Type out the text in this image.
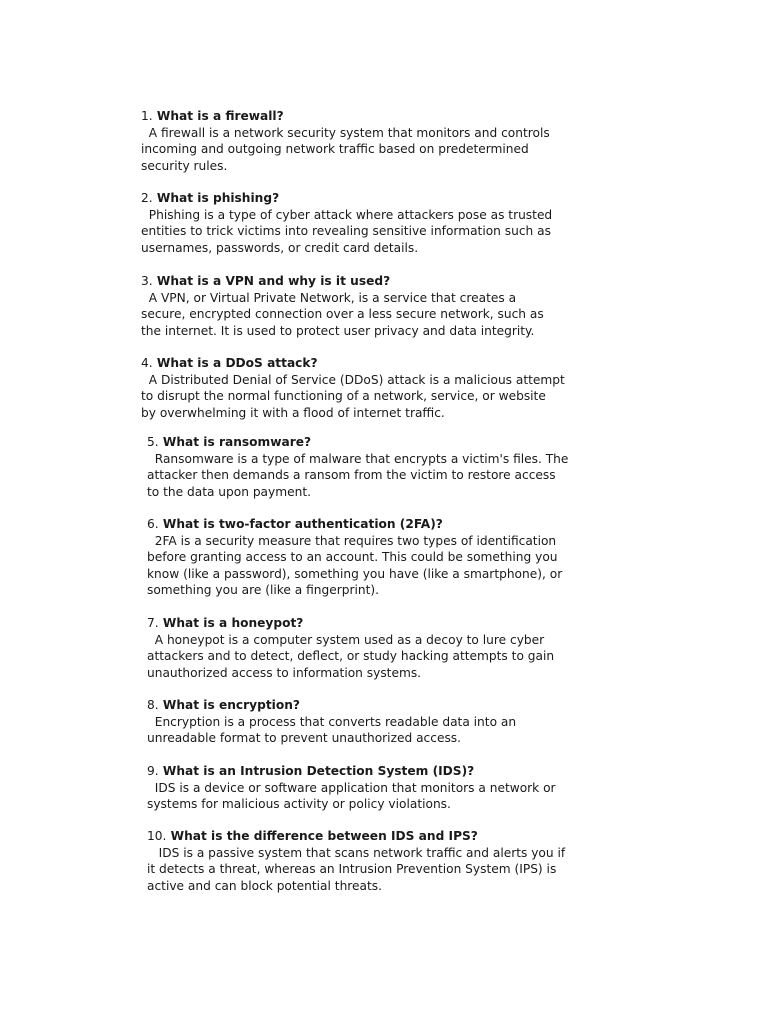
1. What is a firewall?

A firewall is a network security system that monitors and controls
incoming and outgoing network traffic based on predetermined
security rules.

2. What is phishing?

Phishing is a type of cyber attack where attackers pose as trusted
entities to trick victims into revealing sensitive information such as
usernames, passwords, or credit card details.

3. What is a VPN and why is it used?

A VPN, or Virtual Private Network, is a service that creates a
secure, encrypted connection over a less secure network, such as
the internet. It is used to protect user privacy and data integrity.

4. What is a DDoS attack?

A Distributed Denial of Service (DDoS) attack is a malicious attempt
to disrupt the normal functioning of a network, service, or website
by overwhelming it with a flood of internet traffic.

5. What is ransomware?

Ransomware is a type of malware that encrypts a victim's files. The
attacker then demands a ransom from the victim to restore access
to the data upon payment.

6. What is two-factor authentication (2FA)?

2FA is a security measure that requires two types of identification
before granting access to an account. This could be something you
know (like a password), something you have (like a smartphone), or
something you are (like a fingerprint).

7. What is a honeypot?

A honeypot is a computer system used as a decoy to lure cyber
attackers and to detect, deflect, or study hacking attempts to gain
unauthorized access to information systems.

8. What is encryption?

Encryption is a process that converts readable data into an
unreadable format to prevent unauthorized access.

9. What is an Intrusion Detection System (IDS)?

IDS is a device or software application that monitors a network or
systems for malicious activity or policy violations.

10. What is the difference between IDS and IPS?

IDS is a passive system that scans network traffic and alerts you if
it detects a threat, whereas an Intrusion Prevention System (IPS) is
active and can block potential threats.
